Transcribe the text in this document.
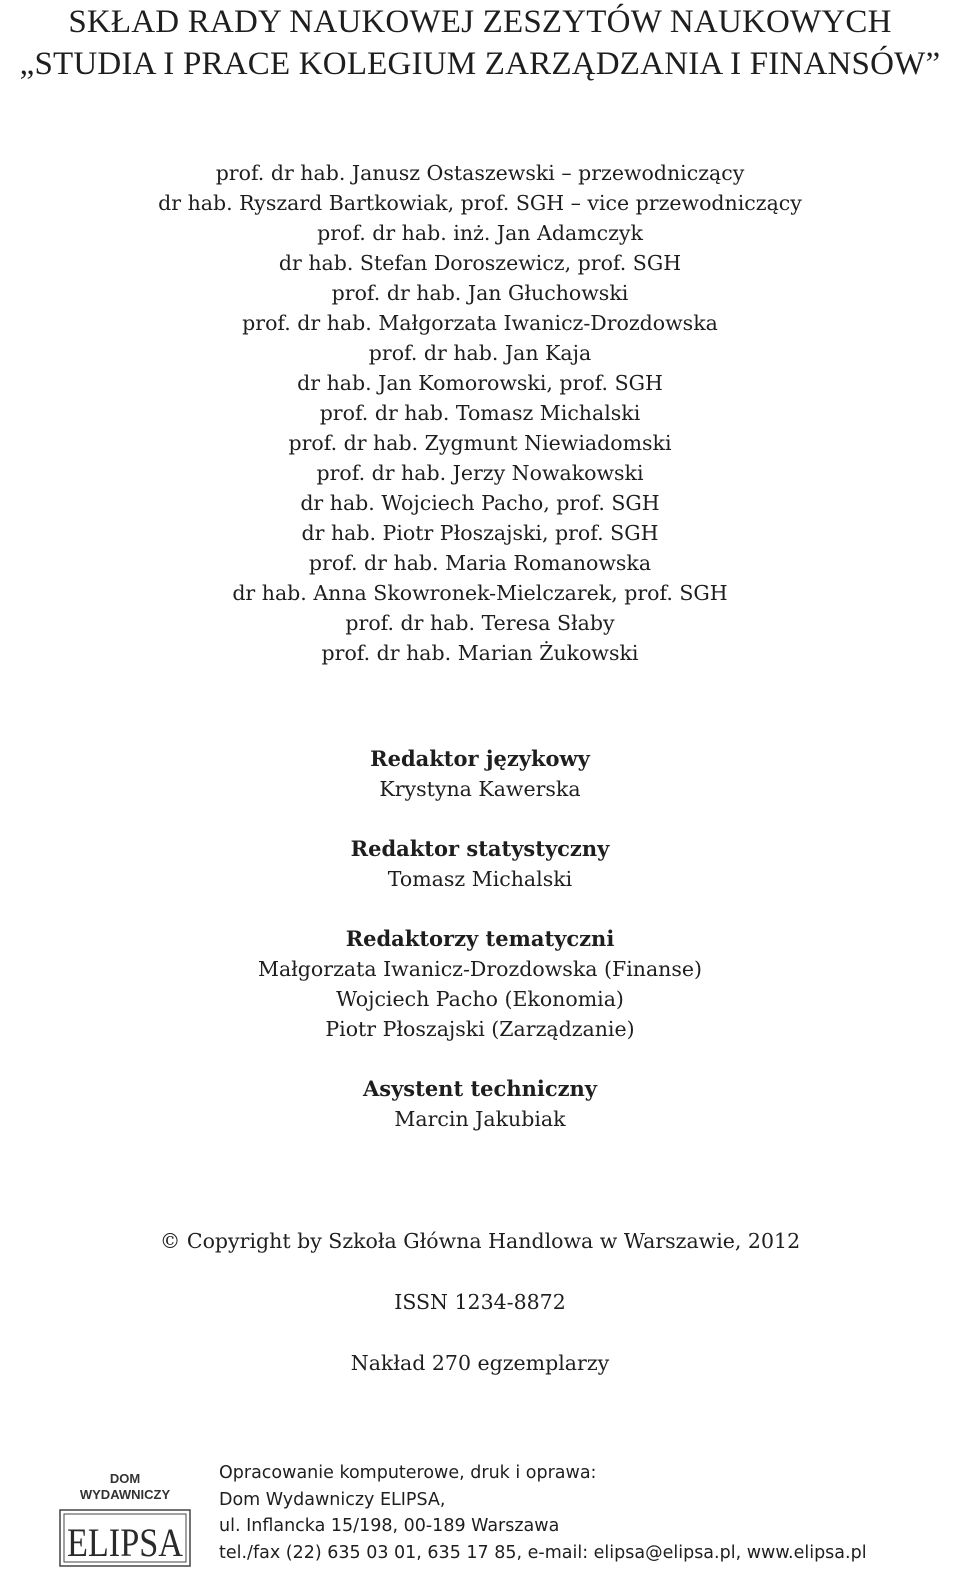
SKŁAD RADY NAUKOWEJ ZESZYTÓW NAUKOWYCH
„STUDIA I PRACE KOLEGIUM ZARZĄDZANIA I FINANSÓW”
prof. dr hab. Janusz Ostaszewski – przewodniczący
dr hab. Ryszard Bartkowiak, prof. SGH – vice przewodniczący
prof. dr hab. inż. Jan Adamczyk
dr hab. Stefan Doroszewicz, prof. SGH
prof. dr hab. Jan Głuchowski
prof. dr hab. Małgorzata Iwanicz-Drozdowska
prof. dr hab. Jan Kaja
dr hab. Jan Komorowski, prof. SGH
prof. dr hab. Tomasz Michalski
prof. dr hab. Zygmunt Niewiadomski
prof. dr hab. Jerzy Nowakowski
dr hab. Wojciech Pacho, prof. SGH
dr hab. Piotr Płoszajski, prof. SGH
prof. dr hab. Maria Romanowska
dr hab. Anna Skowronek-Mielczarek, prof. SGH
prof. dr hab. Teresa Słaby
prof. dr hab. Marian Żukowski
Redaktor językowy
Krystyna Kawerska
Redaktor statystyczny
Tomasz Michalski
Redaktorzy tematyczni
Małgorzata Iwanicz-Drozdowska (Finanse)
Wojciech Pacho (Ekonomia)
Piotr Płoszajski (Zarządzanie)
Asystent techniczny
Marcin Jakubiak
© Copyright by Szkoła Główna Handlowa w Warszawie, 2012
ISSN 1234-8872
Nakład 270 egzemplarzy
DOM
WYDAWNICZY
ELIPSA
Opracowanie komputerowe, druk i oprawa:
Dom Wydawniczy ELIPSA,
ul. Inflancka 15/198, 00-189 Warszawa
tel./fax (22) 635 03 01, 635 17 85, e-mail: elipsa@elipsa.pl, www.elipsa.pl
